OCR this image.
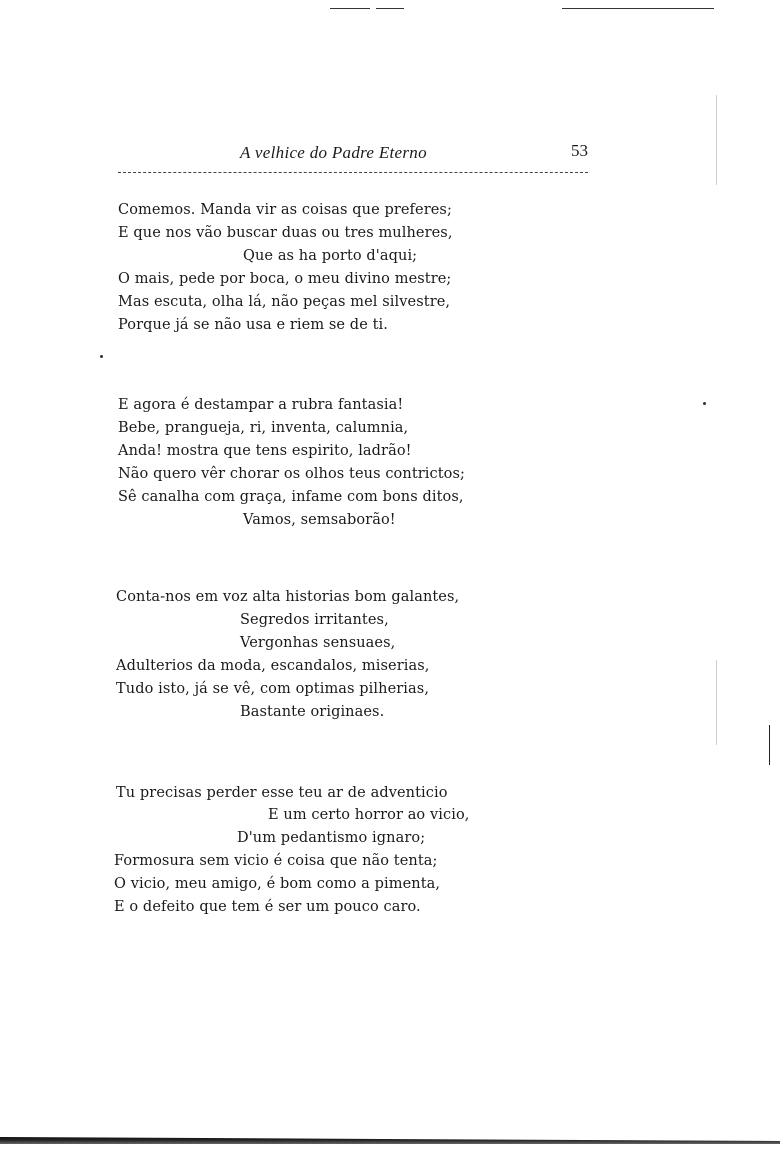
A velhice do Padre Eterno	53
Comemos. Manda vir as coisas que preferes;
E que nos vão buscar duas ou tres mulheres,
Que as ha porto d'aqui;
O mais, pede por boca, o meu divino mestre;
Mas escuta, olha lá, não peças mel silvestre,
Porque já se não usa e riem se de ti.
E agora é destampar a rubra fantasia!
Bebe, prangueja, ri, inventa, calumnia,
Anda! mostra que tens espirito, ladrão!
Não quero vêr chorar os olhos teus contrictos;
Sê canalha com graça, infame com bons ditos,
Vamos, semsaborão!
Conta-nos em voz alta historias bom galantes,
Segredos irritantes,
Vergonhas sensuaes,
Adulterios da moda, escandalos, miserias,
Tudo isto, já se vê, com optimas pilherias,
Bastante originaes.
Tu precisas perder esse teu ar de adventicio
E um certo horror ao vicio,
D'um pedantismo ignaro;
Formosura sem vicio é coisa que não tenta;
O vicio, meu amigo, é bom como a pimenta,
E o defeito que tem é ser um pouco caro.
